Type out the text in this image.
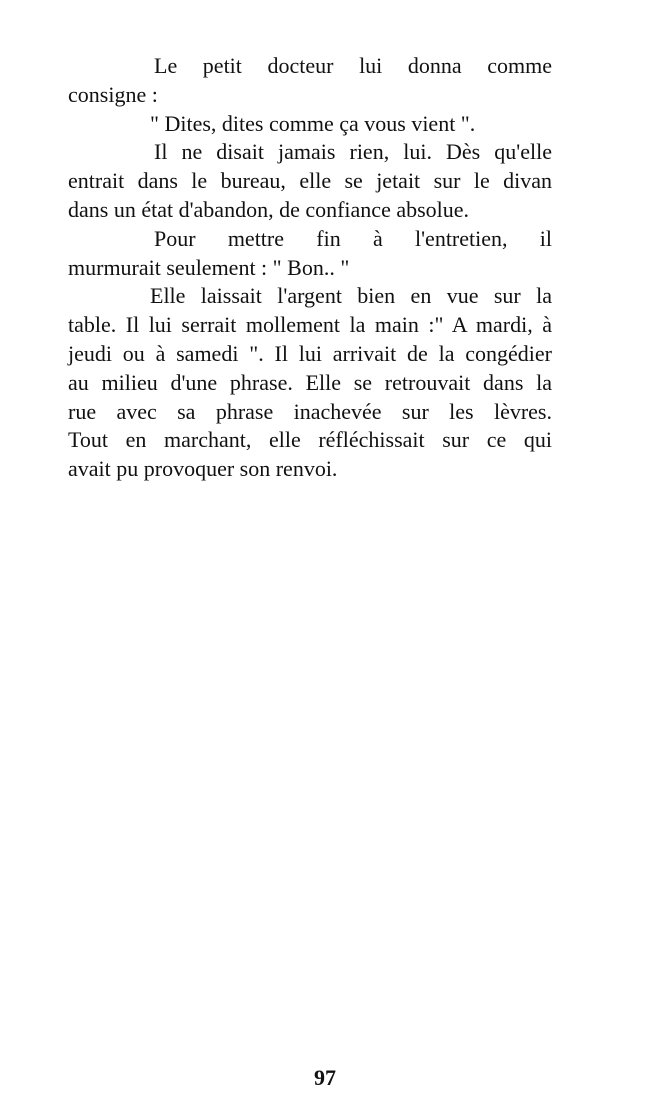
Le petit docteur lui donna comme
consigne :
" Dites, dites comme ça vous vient ".
Il ne disait jamais rien, lui. Dès qu'elle
entrait dans le bureau, elle se jetait sur le divan
dans un état d'abandon, de confiance absolue.
Pour mettre fin à l'entretien, il
murmurait seulement : " Bon.. "
Elle laissait l'argent bien en vue sur la
table. Il lui serrait mollement la main :" A mardi, à
jeudi ou à samedi ". Il lui arrivait de la congédier
au milieu d'une phrase. Elle se retrouvait dans la
rue avec sa phrase inachevée sur les lèvres.
Tout en marchant, elle réfléchissait sur ce qui
avait pu provoquer son renvoi.
97
